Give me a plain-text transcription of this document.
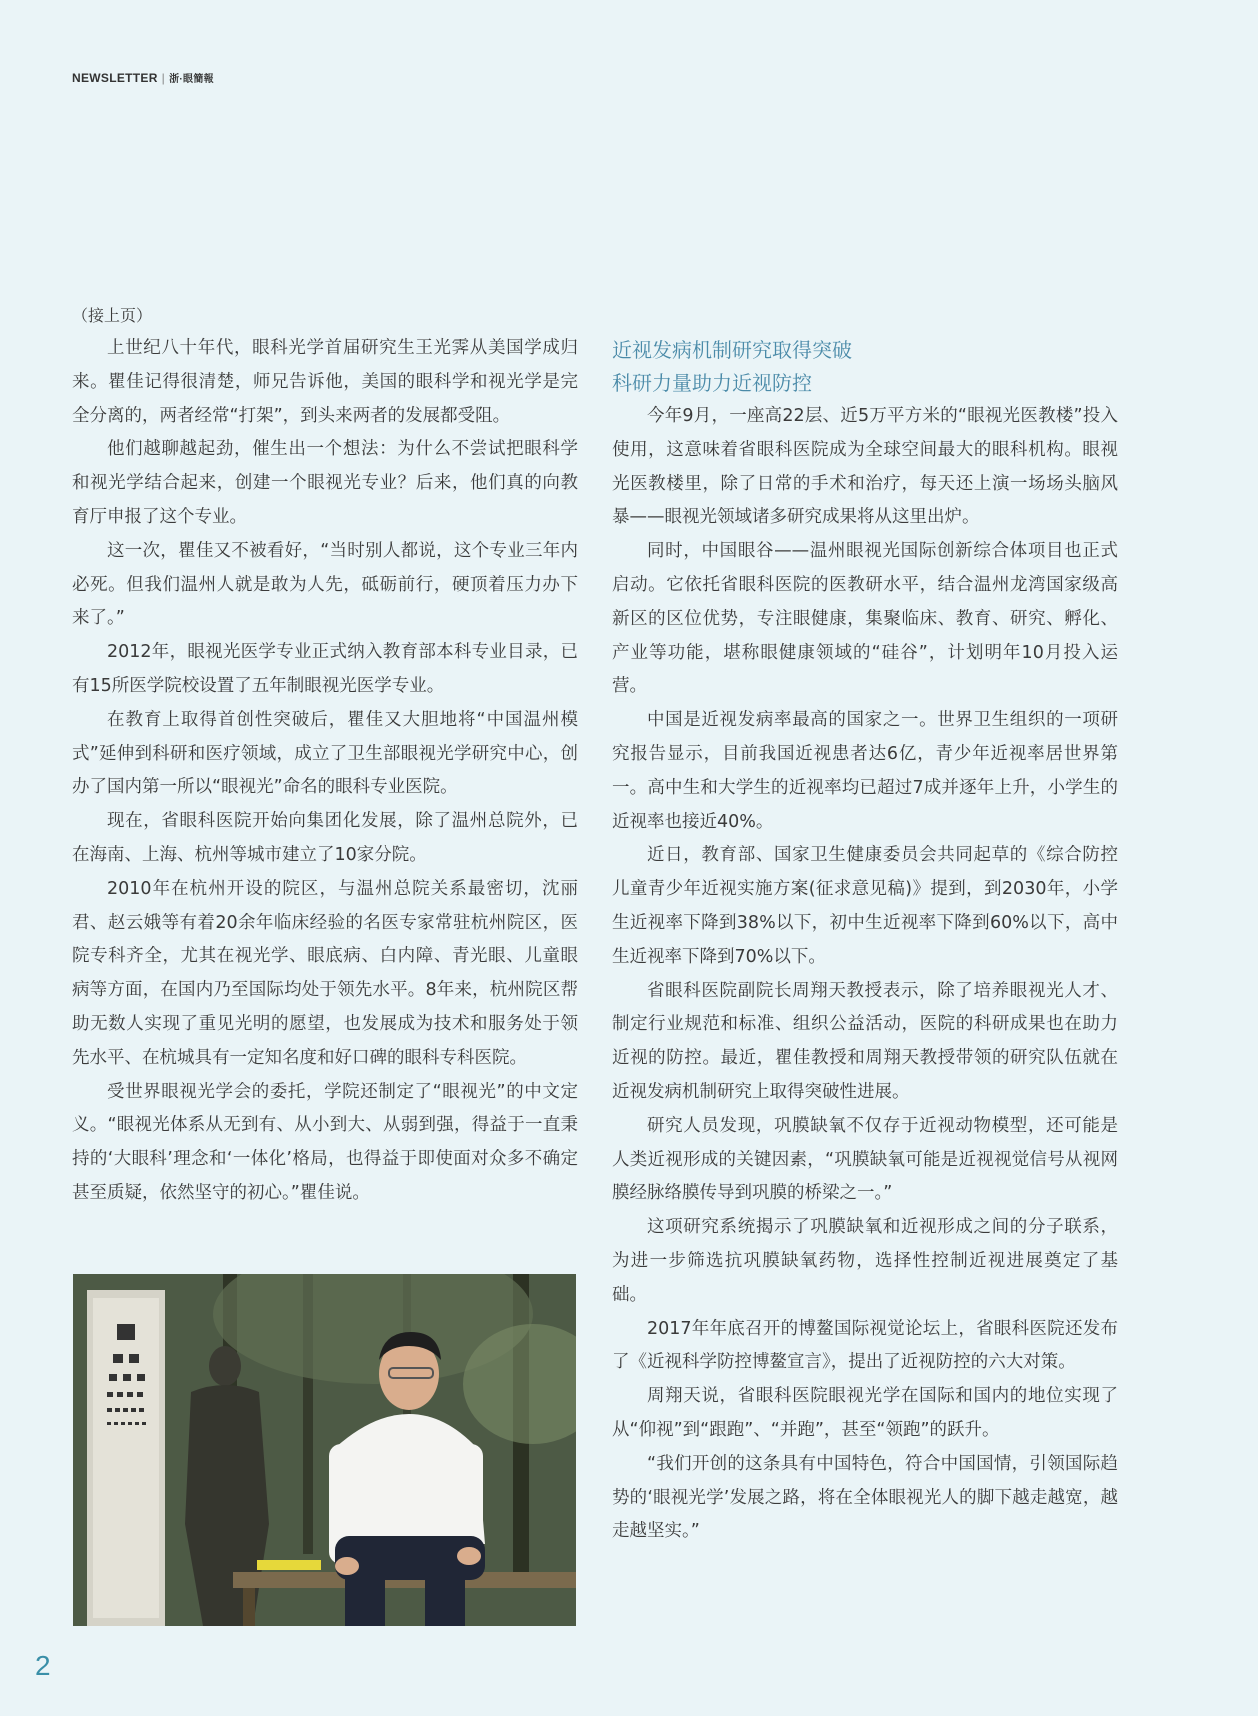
NEWSLETTER | 浙·眼簡報
（接上页）

上世纪八十年代，眼科光学首届研究生王光霁从美国学成归来。瞿佳记得很清楚，师兄告诉他，美国的眼科学和视光学是完全分离的，两者经常“打架”，到头来两者的发展都受阻。

他们越聊越起劲，催生出一个想法：为什么不尝试把眼科学和视光学结合起来，创建一个眼视光专业？后来，他们真的向教育厅申报了这个专业。

这一次，瞿佳又不被看好，“当时别人都说，这个专业三年内必死。但我们温州人就是敢为人先，砥砺前行，硬顶着压力办下来了。”

2012年，眼视光医学专业正式纳入教育部本科专业目录，已有15所医学院校设置了五年制眼视光医学专业。

在教育上取得首创性突破后，瞿佳又大胆地将“中国温州模式”延伸到科研和医疗领域，成立了卫生部眼视光学研究中心，创办了国内第一所以“眼视光”命名的眼科专业医院。

现在，省眼科医院开始向集团化发展，除了温州总院外，已在海南、上海、杭州等城市建立了10家分院。

2010年在杭州开设的院区，与温州总院关系最密切，沈丽君、赵云娥等有着20余年临床经验的名医专家常驻杭州院区，医院专科齐全，尤其在视光学、眼底病、白内障、青光眼、儿童眼病等方面，在国内乃至国际均处于领先水平。8年来，杭州院区帮助无数人实现了重见光明的愿望，也发展成为技术和服务处于领先水平、在杭城具有一定知名度和好口碑的眼科专科医院。

受世界眼视光学会的委托，学院还制定了“眼视光”的中文定义。“眼视光体系从无到有、从小到大、从弱到强，得益于一直秉持的‘大眼科’理念和‘一体化’格局，也得益于即使面对众多不确定甚至质疑，依然坚守的初心。”瞿佳说。

近视发病机制研究取得突破
科研力量助力近视防控

今年9月，一座高22层、近5万平方米的“眼视光医教楼”投入使用，这意味着省眼科医院成为全球空间最大的眼科机构。眼视光医教楼里，除了日常的手术和治疗，每天还上演一场场头脑风暴——眼视光领域诸多研究成果将从这里出炉。

同时，中国眼谷——温州眼视光国际创新综合体项目也正式启动。它依托省眼科医院的医教研水平，结合温州龙湾国家级高新区的区位优势，专注眼健康，集聚临床、教育、研究、孵化、产业等功能，堪称眼健康领域的“硅谷”，计划明年10月投入运营。

中国是近视发病率最高的国家之一。世界卫生组织的一项研究报告显示，目前我国近视患者达6亿，青少年近视率居世界第一。高中生和大学生的近视率均已超过7成并逐年上升，小学生的近视率也接近40%。

近日，教育部、国家卫生健康委员会共同起草的《综合防控儿童青少年近视实施方案(征求意见稿)》提到，到2030年，小学生近视率下降到38%以下，初中生近视率下降到60%以下，高中生近视率下降到70%以下。

省眼科医院副院长周翔天教授表示，除了培养眼视光人才、制定行业规范和标准、组织公益活动，医院的科研成果也在助力近视的防控。最近，瞿佳教授和周翔天教授带领的研究队伍就在近视发病机制研究上取得突破性进展。

研究人员发现，巩膜缺氧不仅存于近视动物模型，还可能是人类近视形成的关键因素，“巩膜缺氧可能是近视视觉信号从视网膜经脉络膜传导到巩膜的桥梁之一。”

这项研究系统揭示了巩膜缺氧和近视形成之间的分子联系，为进一步筛选抗巩膜缺氧药物，选择性控制近视进展奠定了基础。

2017年年底召开的博鳌国际视觉论坛上，省眼科医院还发布了《近视科学防控博鳌宣言》，提出了近视防控的六大对策。

周翔天说，省眼科医院眼视光学在国际和国内的地位实现了从“仰视”到“跟跑”、“并跑”，甚至“领跑”的跃升。

“我们开创的这条具有中国特色，符合中国国情，引领国际趋势的‘眼视光学’发展之路，将在全体眼视光人的脚下越走越宽，越走越坚实。”

2
